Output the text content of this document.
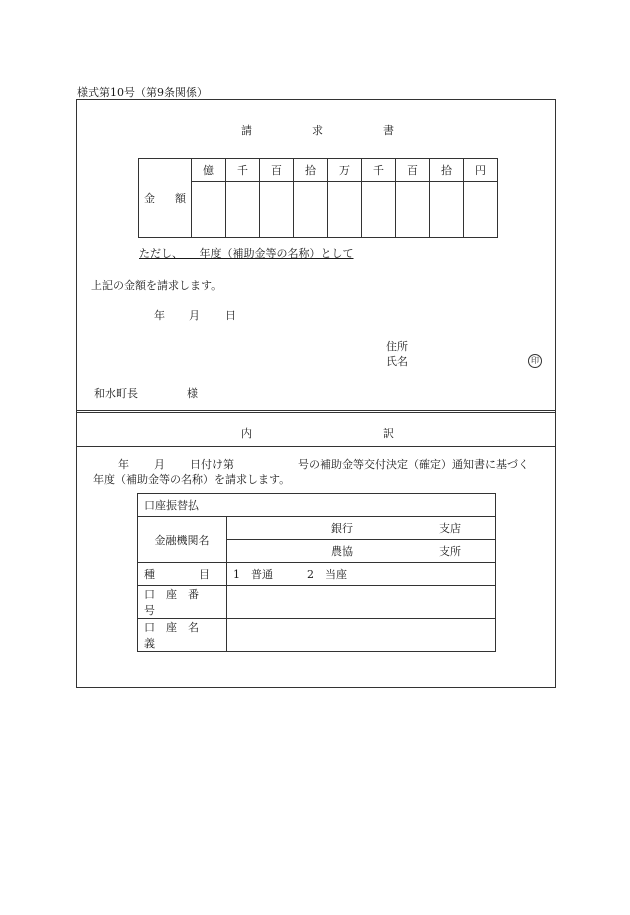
様式第10号（第9条関係）
請	求	書
金 額	億	千	百	拾	万	千	百	拾	円

ただし、　　年度（補助金等の名称）として
上記の金額を請求します。
年 月 日
住所
氏名	印
和水町長	様
内	訳
年 月 日付け第	号の補助金等交付決定（確定）通知書に基づく
年度（補助金等の名称）を請求します。
口座振替払	
金融機関名	銀行 支店
	農協 支所
種 目	1　普通 2　当座
口　座　番　号	
口　座　名　義	
